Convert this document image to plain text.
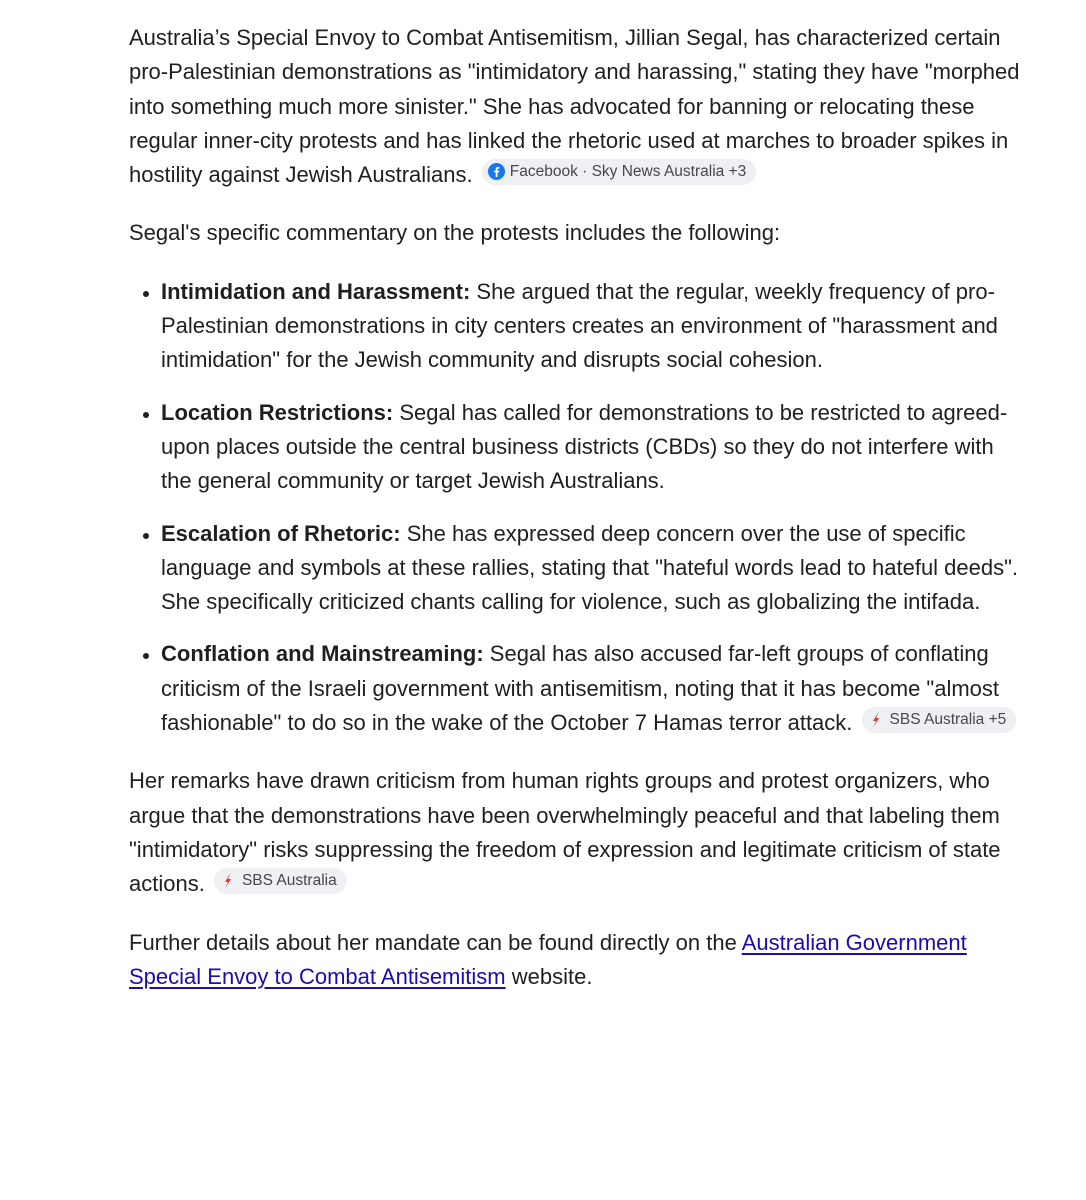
Australia’s Special Envoy to Combat Antisemitism, Jillian Segal, has characterized certain pro-Palestinian demonstrations as "intimidatory and harassing," stating they have "morphed into something much more sinister." She has advocated for banning or relocating these regular inner-city protests and has linked the rhetoric used at marches to broader spikes in hostility against Jewish Australians. Facebook · Sky News Australia +3

Segal's specific commentary on the protests includes the following:

• Intimidation and Harassment: She argued that the regular, weekly frequency of pro-Palestinian demonstrations in city centers creates an environment of "harassment and intimidation" for the Jewish community and disrupts social cohesion.
• Location Restrictions: Segal has called for demonstrations to be restricted to agreed-upon places outside the central business districts (CBDs) so they do not interfere with the general community or target Jewish Australians.
• Escalation of Rhetoric: She has expressed deep concern over the use of specific language and symbols at these rallies, stating that "hateful words lead to hateful deeds". She specifically criticized chants calling for violence, such as globalizing the intifada.
• Conflation and Mainstreaming: Segal has also accused far-left groups of conflating criticism of the Israeli government with antisemitism, noting that it has become "almost fashionable" to do so in the wake of the October 7 Hamas terror attack. SBS Australia +5

Her remarks have drawn criticism from human rights groups and protest organizers, who argue that the demonstrations have been overwhelmingly peaceful and that labeling them "intimidatory" risks suppressing the freedom of expression and legitimate criticism of state actions. SBS Australia

Further details about her mandate can be found directly on the Australian Government Special Envoy to Combat Antisemitism website.
